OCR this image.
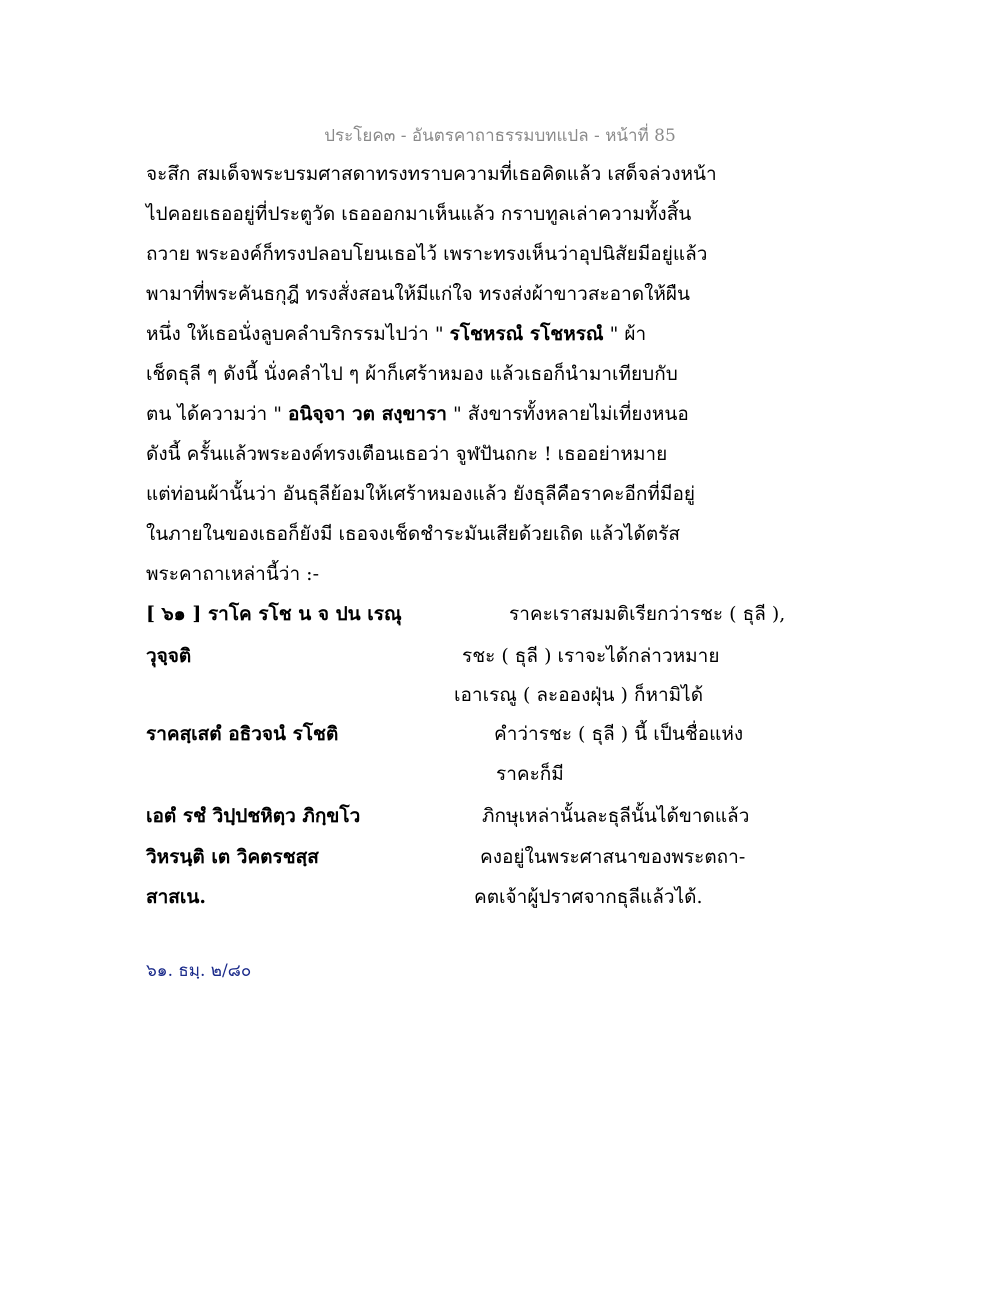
ประโยค๓ - อันตรคาถาธรรมบทแปล - หน้าที่ 85
จะสึก สมเด็จพระบรมศาสดาทรงทราบความที่เธอคิดแล้ว เสด็จล่วงหน้า
ไปคอยเธออยู่ที่ประตูวัด เธอออกมาเห็นแล้ว กราบทูลเล่าความทั้งสิ้น
ถวาย พระองค์ก็ทรงปลอบโยนเธอไว้ เพราะทรงเห็นว่าอุปนิสัยมีอยู่แล้ว
พามาที่พระคันธกุฎี ทรงสั่งสอนให้มีแก่ใจ ทรงส่งผ้าขาวสะอาดให้ผืน
หนึ่ง ให้เธอนั่งลูบคลำบริกรรมไปว่า " รโชหรณํ รโชหรณํ " ผ้า
เช็ดธุลี ๆ ดังนี้ นั่งคลำไป ๆ ผ้าก็เศร้าหมอง แล้วเธอก็นำมาเทียบกับ
ตน ได้ความว่า " อนิจฺจา วต สงฺขารา " สังขารทั้งหลายไม่เที่ยงหนอ
ดังนี้ ครั้นแล้วพระองค์ทรงเตือนเธอว่า จูฬปันถกะ ! เธออย่าหมาย
แต่ท่อนผ้านั้นว่า อันธุลีย้อมให้เศร้าหมองแล้ว ยังธุลีคือราคะอีกที่มีอยู่
ในภายในของเธอก็ยังมี เธอจงเช็ดชำระมันเสียด้วยเถิด แล้วได้ตรัส
พระคาถาเหล่านี้ว่า :-
[ ๖๑ ] ราโค รโช น จ ปน เรณุ
วุจฺจติ
ราคสฺเสตํ อธิวจนํ รโชติ
เอตํ รชํ วิปฺปชหิตฺว ภิกฺขโว
วิหรนฺติ เต วิคตรชสฺส
สาสเน.
ราคะเราสมมติเรียกว่ารชะ ( ธุลี ),
รชะ ( ธุลี ) เราจะได้กล่าวหมาย
เอาเรณู ( ละอองฝุ่น ) ก็หามิได้
คำว่ารชะ ( ธุลี ) นี้ เป็นชื่อแห่ง
ราคะก็มี
ภิกษุเหล่านั้นละธุลีนั้นได้ขาดแล้ว
คงอยู่ในพระศาสนาของพระตถา-
คตเจ้าผู้ปราศจากธุลีแล้วได้.
๖๑. ธมฺ. ๒/๘๐
